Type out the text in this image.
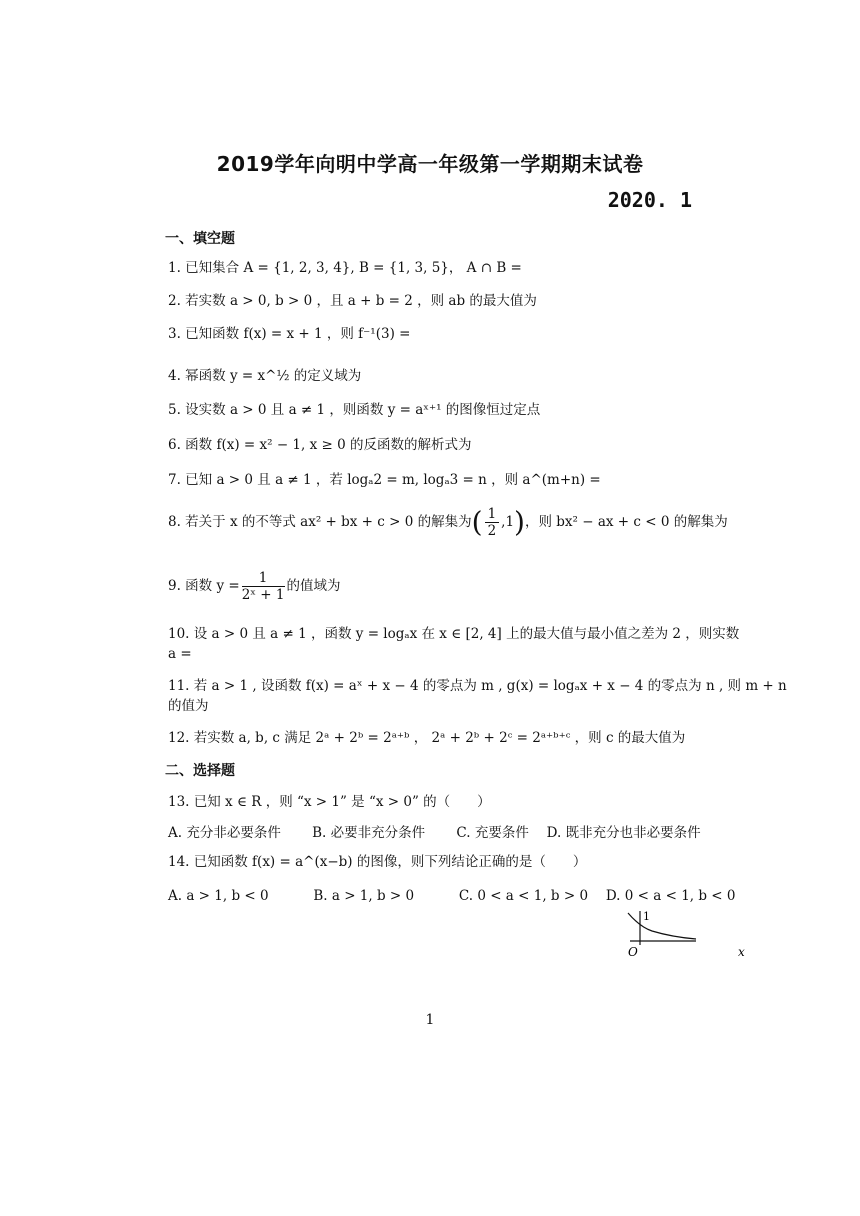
2019学年向明中学高一年级第一学期期末试卷
2020. 1
一、填空题
1. 已知集合 A = {1, 2, 3, 4}, B = {1, 3, 5}， A ∩ B =
2. 若实数 a > 0, b > 0 ，且 a + b = 2 ，则 ab 的最大值为
3. 已知函数 f(x) = x + 1 ，则 f⁻¹(3) =
4. 幂函数 y = x^½ 的定义域为
5. 设实数 a > 0 且 a ≠ 1 ，则函数 y = aˣ⁺¹ 的图像恒过定点
6. 函数 f(x) = x² − 1, x ≥ 0 的反函数的解析式为
7. 已知 a > 0 且 a ≠ 1 ，若 logₐ2 = m, logₐ3 = n ，则 a^(m+n) =
8. 若关于 x 的不等式 ax² + bx + c > 0 的解集为( $\frac{1}{2} ,1$)，则 bx² − ax + c < 0 的解集为
9. 函数 $y = \frac{1}{\text{2ˣ + 1}}$ 的值域为
10. 设 a > 0 且 a ≠ 1 ，函数 y = logₐx 在 x ∈ [2, 4] 上的最大值与最小值之差为 2 ，则实数
a =
11. 若 a > 1 , 设函数 f(x) = aˣ + x − 4 的零点为 m , g(x) = logₐx + x − 4 的零点为 n , 则 m + n
的值为
12. 若实数 a, b, c 满足 2ᵃ + 2ᵇ = 2ᵃ⁺ᵇ ， 2ᵃ + 2ᵇ + 2ᶜ = 2ᵃ⁺ᵇ⁺ᶜ ，则 c 的最大值为
二、选择题
13. 已知 x ∈ R ，则 “x > 1” 是 “x > 0” 的（　　）
A. 充分非必要条件　　 B. 必要非充分条件　　 C. 充要条件　 D. 既非充分也非必要条件
14. 已知函数 f(x) = a^(x−b) 的图像，则下列结论正确的是（　　）
A. a > 1, b < 0　　　 B. a > 1, b > 0　　　 C. 0 < a < 1, b > 0　 D. 0 < a < 1, b < 0
1
O	x
1
